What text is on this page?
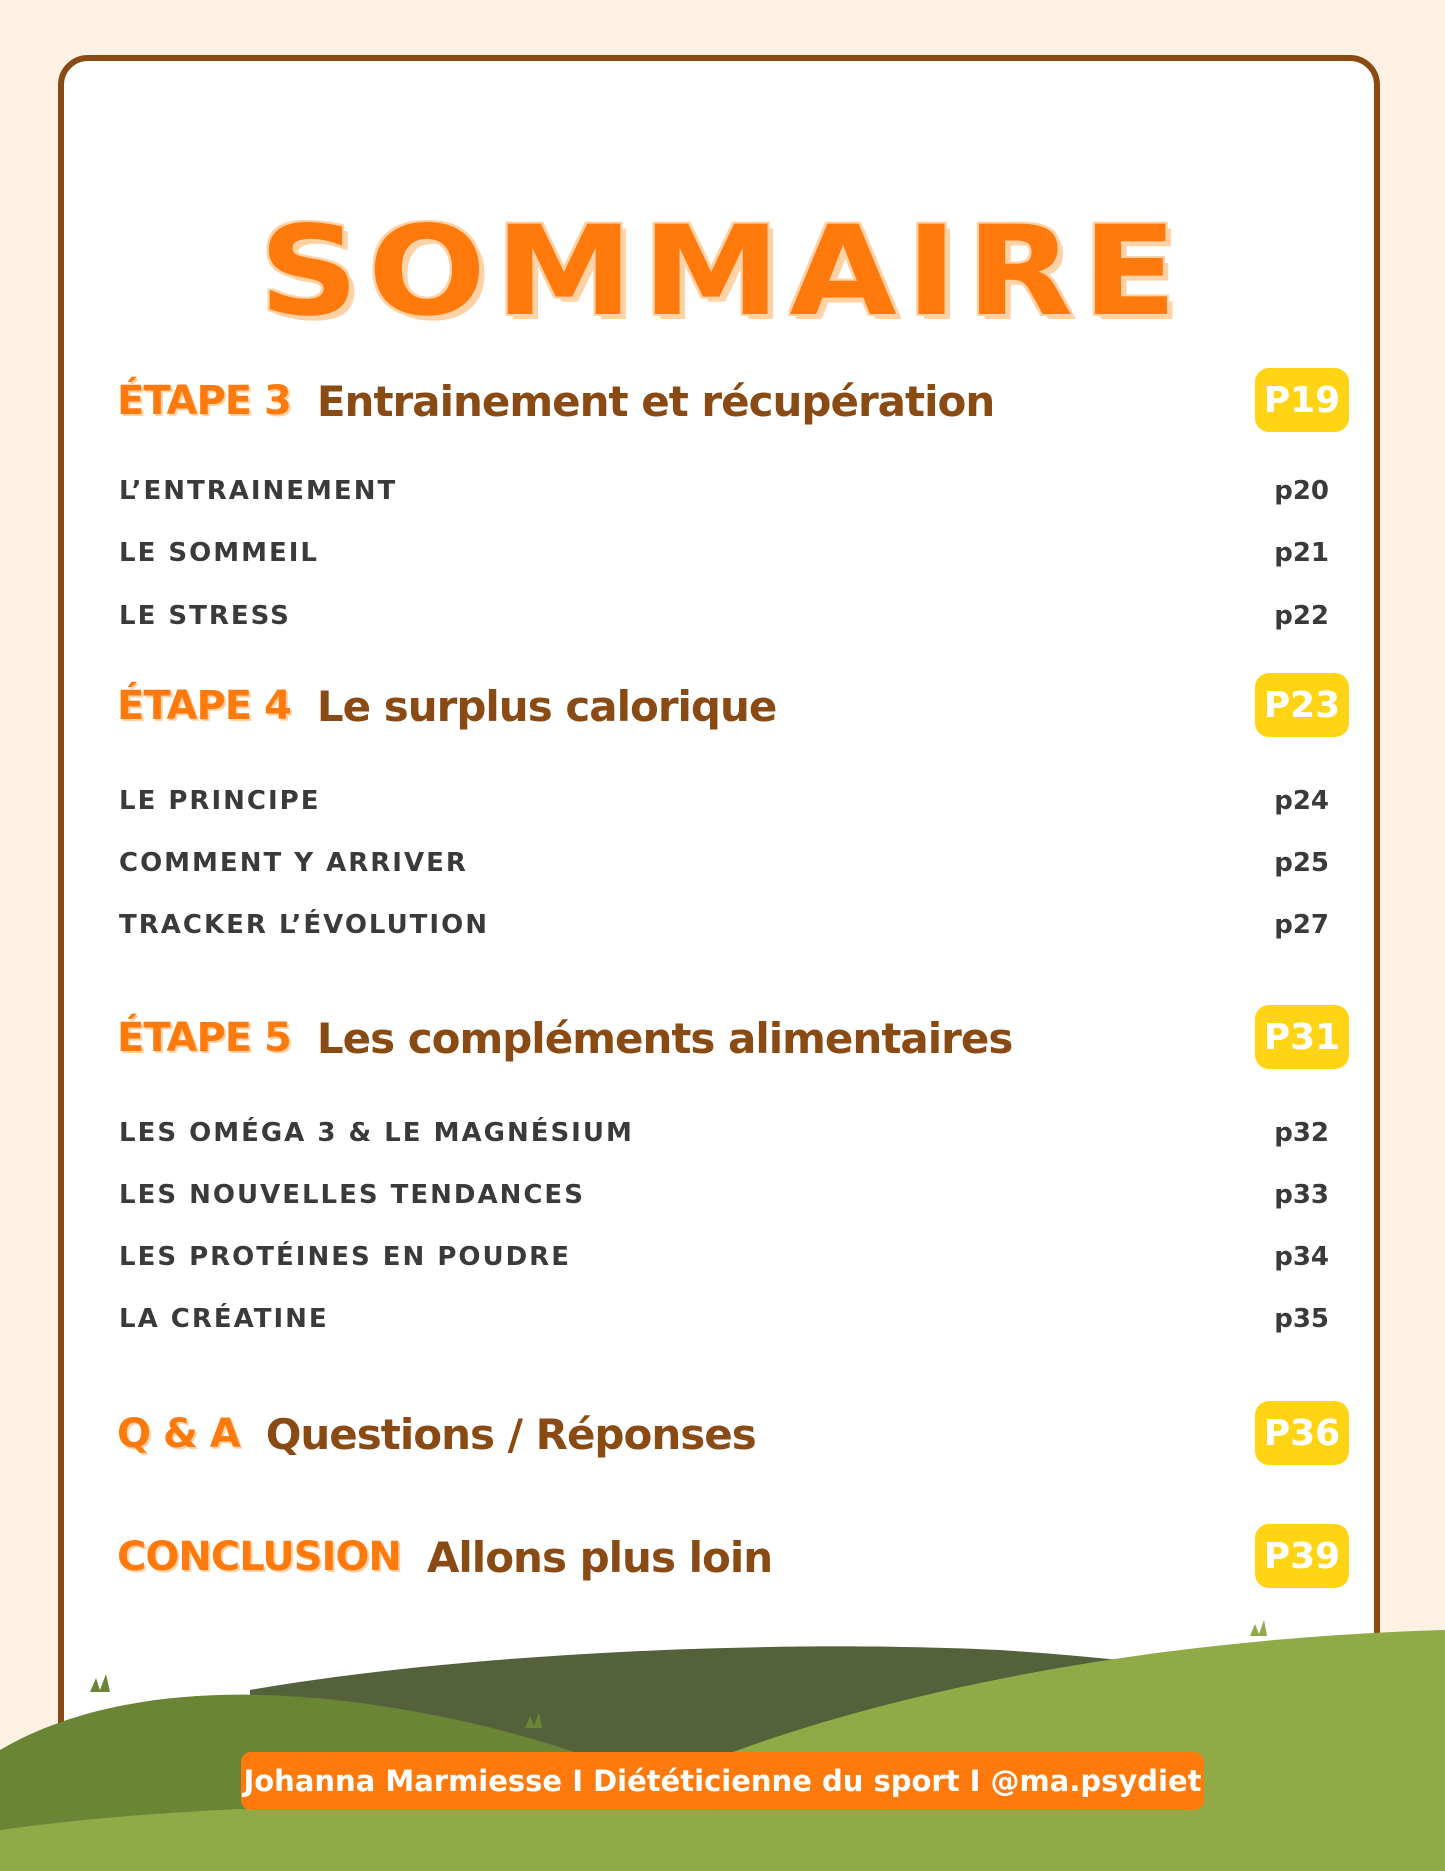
SOMMAIRE
ÉTAPE 3 Entrainement et récupération	P19
L’ENTRAINEMENT	p20
LE SOMMEIL	p21
LE STRESS	p22
ÉTAPE 4 Le surplus calorique	P23
LE PRINCIPE	p24
COMMENT Y ARRIVER	p25
TRACKER L’ÉVOLUTION	p27
ÉTAPE 5 Les compléments alimentaires	P31
LES OMÉGA 3 & LE MAGNÉSIUM	p32
LES NOUVELLES TENDANCES	p33
LES PROTÉINES EN POUDRE	p34
LA CRÉATINE	p35
Q & A Questions / Réponses	P36
CONCLUSION Allons plus loin	P39
Johanna Marmiesse I Diététicienne du sport I @ma.psydiet
